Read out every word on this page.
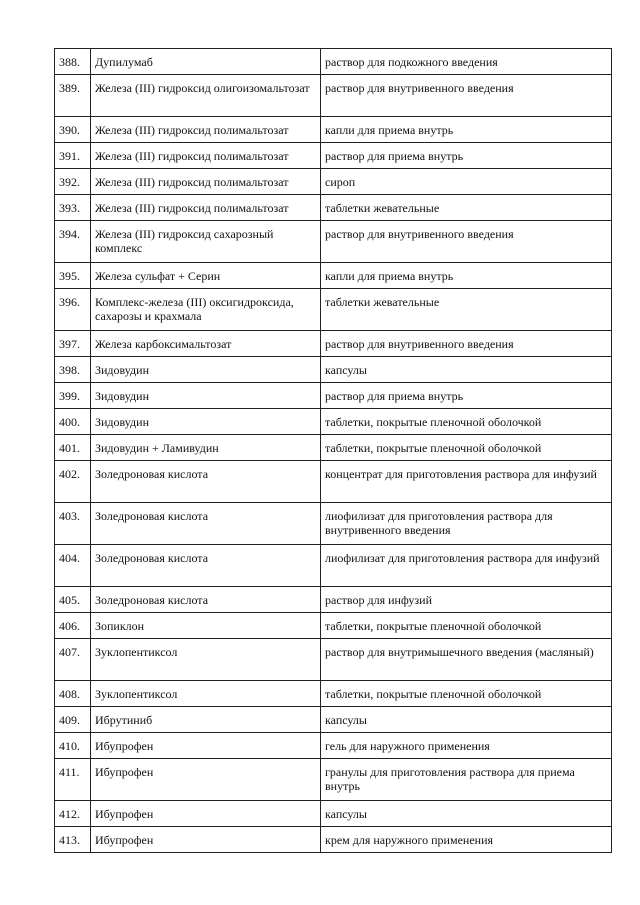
388.	Дупилумаб	раствор для подкожного введения

389.	Железа (III) гидроксид олигоизомальтозат	раствор для внутривенного введения

390.	Железа (III) гидроксид полимальтозат	капли для приема внутрь

391.	Железа (III) гидроксид полимальтозат	раствор для приема внутрь

392.	Железа (III) гидроксид полимальтозат	сироп

393.	Железа (III) гидроксид полимальтозат	таблетки жевательные

394.	Железа (III) гидроксид сахарозный комплекс	раствор для внутривенного введения

395.	Железа сульфат + Серин	капли для приема внутрь

396.	Комплекс-железа (III) оксигидроксида, сахарозы и крахмала	таблетки жевательные

397.	Железа карбоксимальтозат	раствор для внутривенного введения

398.	Зидовудин	капсулы

399.	Зидовудин	раствор для приема внутрь

400.	Зидовудин	таблетки, покрытые пленочной оболочкой

401.	Зидовудин + Ламивудин	таблетки, покрытые пленочной оболочкой

402.	Золедроновая кислота	концентрат для приготовления раствора для инфузий

403.	Золедроновая кислота	лиофилизат для приготовления раствора для внутривенного введения

404.	Золедроновая кислота	лиофилизат для приготовления раствора для инфузий

405.	Золедроновая кислота	раствор для инфузий

406.	Зопиклон	таблетки, покрытые пленочной оболочкой

407.	Зуклопентиксол	раствор для внутримышечного введения (масляный)

408.	Зуклопентиксол	таблетки, покрытые пленочной оболочкой

409.	Ибрутиниб	капсулы

410.	Ибупрофен	гель для наружного применения

411.	Ибупрофен	гранулы для приготовления раствора для приема внутрь

412.	Ибупрофен	капсулы

413.	Ибупрофен	крем для наружного применения
